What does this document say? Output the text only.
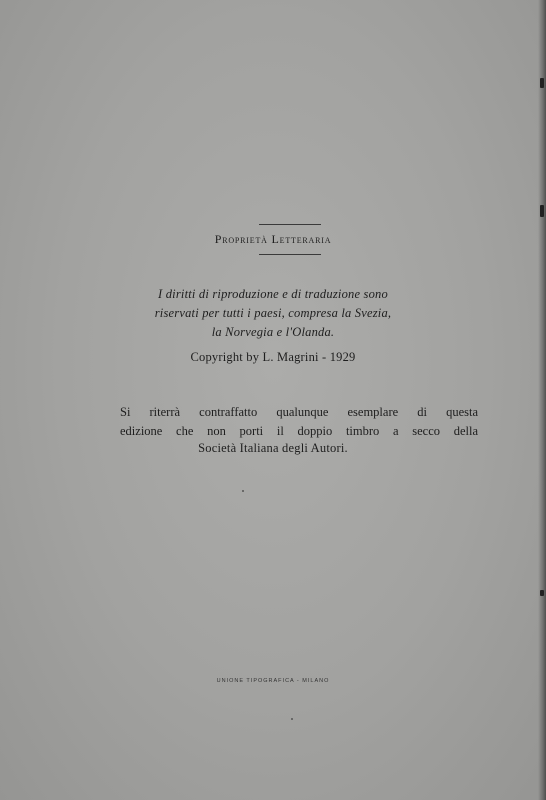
Proprietà Letteraria
I diritti di riproduzione e di traduzione sono
riservati per tutti i paesi, compresa la Svezia,
la Norvegia e l'Olanda.
Copyright by L. Magrini - 1929
Si riterrà contraffatto qualunque esemplare di questa
edizione che non porti il doppio timbro a secco della
Società Italiana degli Autori.
UNIONE TIPOGRAFICA - MILANO
